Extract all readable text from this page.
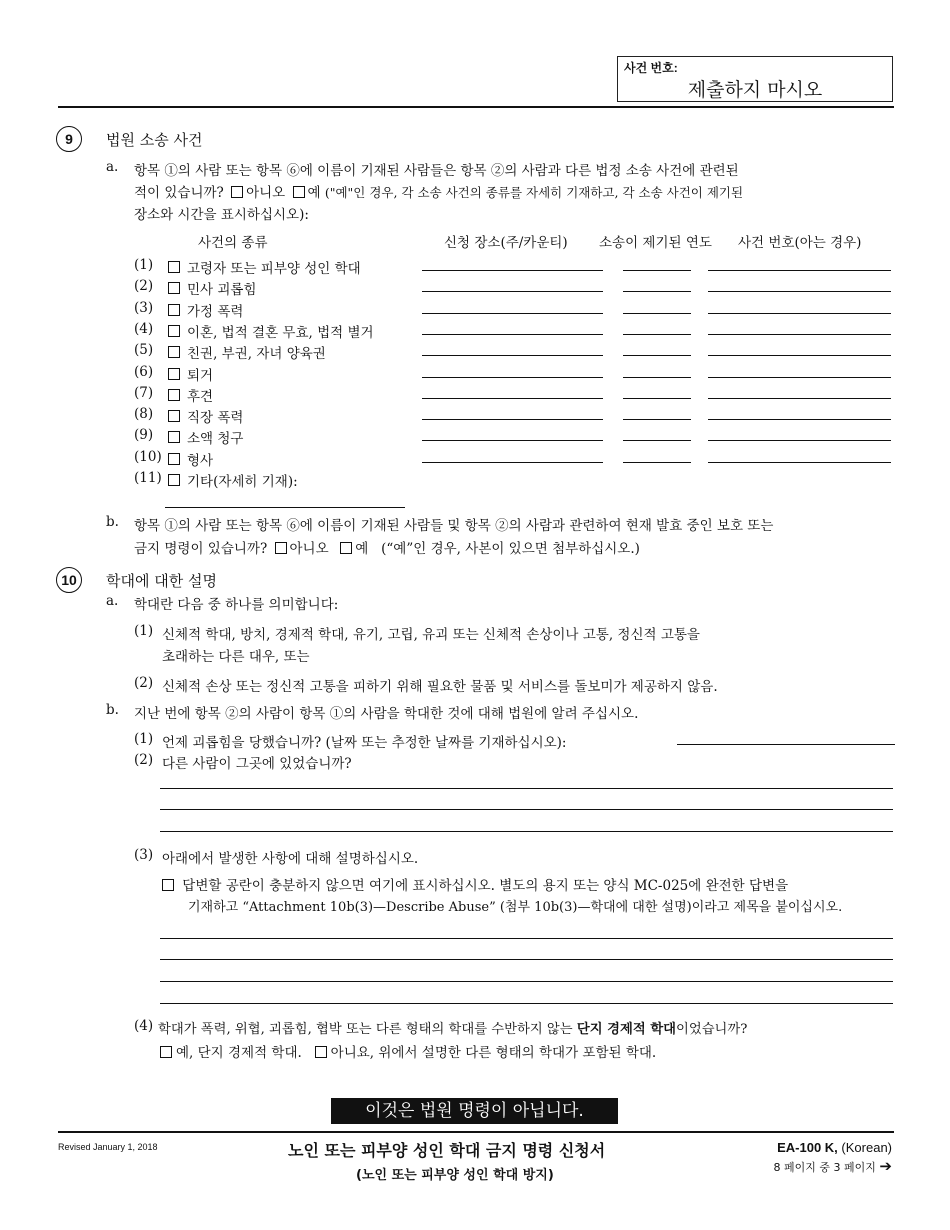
사건 번호:
제출하지 마시오
9	법원 소송 사건
a. 항목 ①의 사람 또는 항목 ⑥에 이름이 기재된 사람들은 항목 ②의 사람과 다른 법정 소송 사건에 관련된
적이 있습니까? 아니오 예 ("예"인 경우, 각 소송 사건의 종류를 자세히 기재하고, 각 소송 사건이 제기된
장소와 시간을 표시하십시오):
사건의 종류	신청 장소(주/카운티) 소송이 제기된 연도 사건 번호(아는 경우)
(1)	고령자 또는 피부양 성인 학대
(2)	민사 괴롭힘
(3)	가정 폭력
(4)	이혼, 법적 결혼 무효, 법적 별거
(5)	친권, 부권, 자녀 양육권
(6)	퇴거
(7)	후견
(8)	직장 폭력
(9)	소액 청구
(10) 형사
(11) 기타(자세히 기재):
b. 항목 ①의 사람 또는 항목 ⑥에 이름이 기재된 사람들 및 항목 ②의 사람과 관련하여 현재 발효 중인 보호 또는
금지 명령이 있습니까? 아니오 예 (“예”인 경우, 사본이 있으면 첨부하십시오.)
10	학대에 대한 설명
a. 학대란 다음 중 하나를 의미합니다:
(1) 신체적 학대, 방치, 경제적 학대, 유기, 고립, 유괴 또는 신체적 손상이나 고통, 정신적 고통을
초래하는 다른 대우, 또는
(2) 신체적 손상 또는 정신적 고통을 피하기 위해 필요한 물품 및 서비스를 돌보미가 제공하지 않음.
b. 지난 번에 항목 ②의 사람이 항목 ①의 사람을 학대한 것에 대해 법원에 알려 주십시오.
(1) 언제 괴롭힘을 당했습니까? (날짜 또는 추정한 날짜를 기재하십시오):
(2) 다른 사람이 그곳에 있었습니까?
(3) 아래에서 발생한 사항에 대해 설명하십시오.
답변할 공란이 충분하지 않으면 여기에 표시하십시오. 별도의 용지 또는 양식 MC-025에 완전한 답변을
기재하고 “Attachment 10b(3)—Describe Abuse” (첨부 10b(3)—학대에 대한 설명)이라고 제목을 붙이십시오.
(4) 학대가 폭력, 위협, 괴롭힘, 협박 또는 다른 형태의 학대를 수반하지 않는 단지 경제적 학대이었습니까?
예, 단지 경제적 학대. 아니요, 위에서 설명한 다른 형태의 학대가 포함된 학대.
이것은 법원 명령이 아닙니다.
Revised January 1, 2018	노인 또는 피부양 성인 학대 금지 명령 신청서
(노인 또는 피부양 성인 학대 방지)
EA-100 K, (Korean)
8 페이지 중 3 페이지 ➔
